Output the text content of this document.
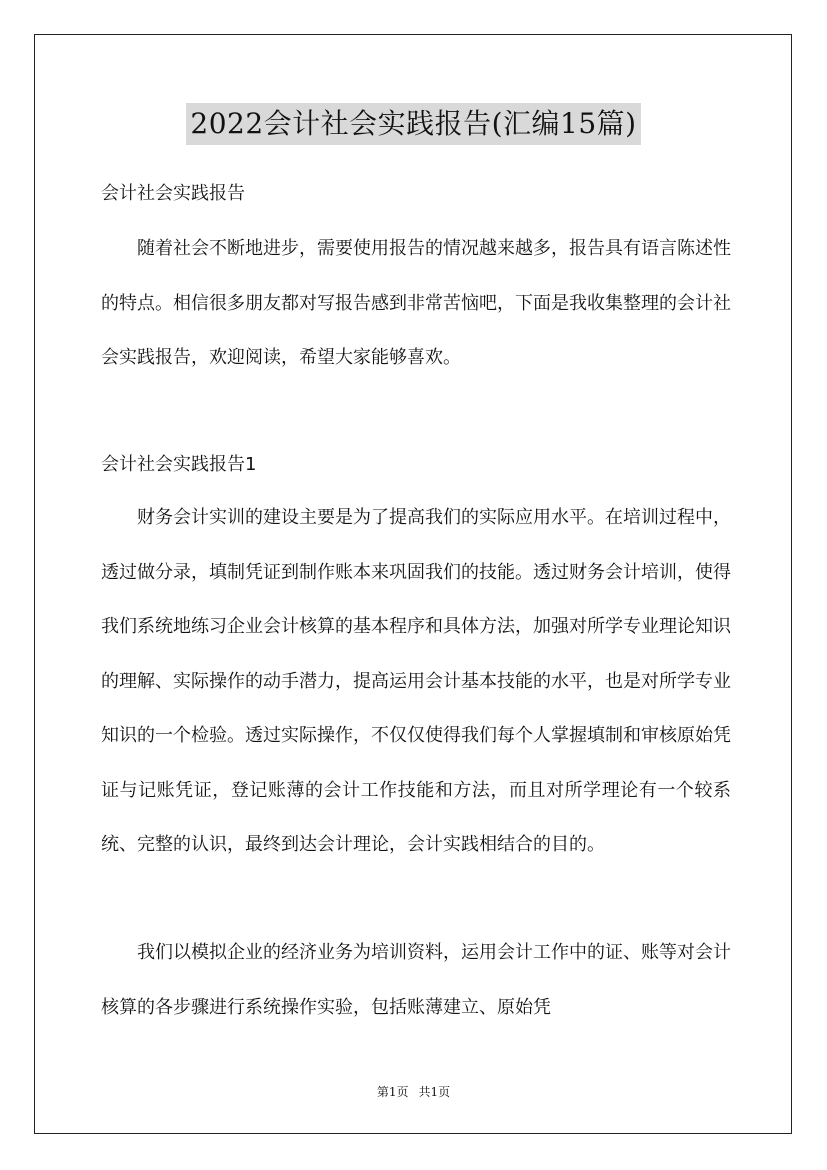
2022会计社会实践报告(汇编15篇)
会计社会实践报告
随着社会不断地进步，需要使用报告的情况越来越多，报告具有语言陈述性的特点。相信很多朋友都对写报告感到非常苦恼吧，下面是我收集整理的会计社会实践报告，欢迎阅读，希望大家能够喜欢。
会计社会实践报告1
财务会计实训的建设主要是为了提高我们的实际应用水平。在培训过程中，透过做分录，填制凭证到制作账本来巩固我们的技能。透过财务会计培训，使得我们系统地练习企业会计核算的基本程序和具体方法，加强对所学专业理论知识的理解、实际操作的动手潜力，提高运用会计基本技能的水平，也是对所学专业知识的一个检验。透过实际操作，不仅仅使得我们每个人掌握填制和审核原始凭证与记账凭证，登记账薄的会计工作技能和方法，而且对所学理论有一个较系统、完整的认识，最终到达会计理论，会计实践相结合的目的。
我们以模拟企业的经济业务为培训资料，运用会计工作中的证、账等对会计核算的各步骤进行系统操作实验，包括账薄建立、原始凭
第1页 共1页
